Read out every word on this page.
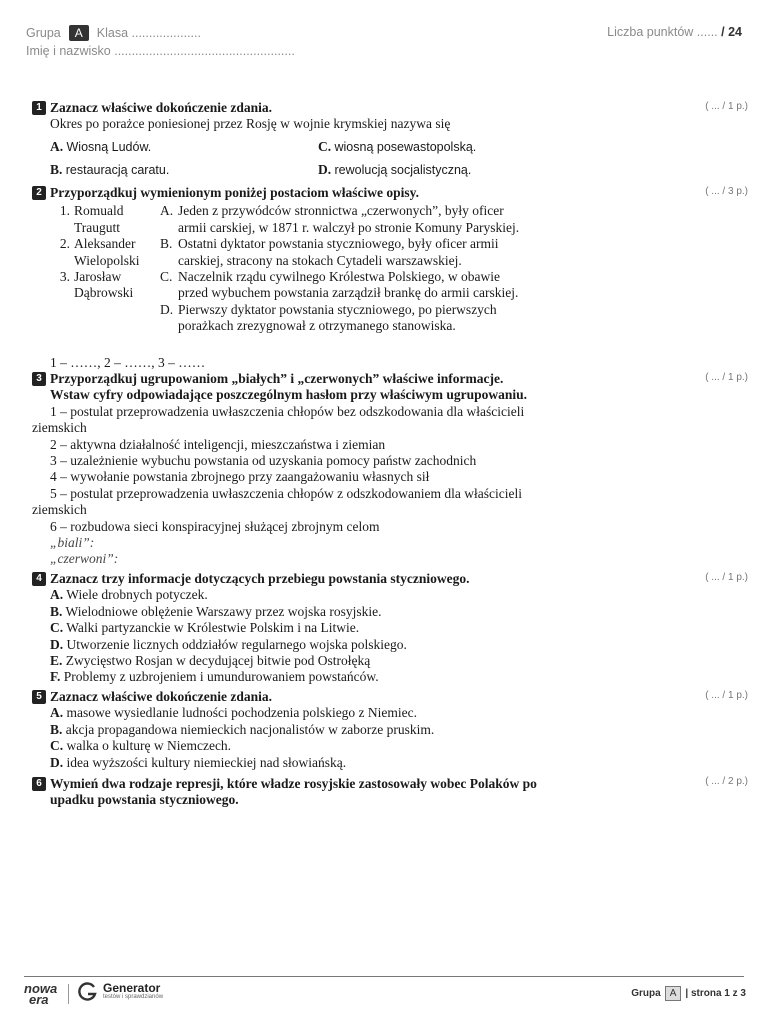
Grupa	A	Klasa ....................
Imię i nazwisko ....................................................
Liczba punktów ...... / 24
1 Zaznacz właściwe dokończenie zdania.
Okres po porażce poniesionej przez Rosję w wojnie krymskiej nazywa się
A. Wiosną Ludów.	C. wiosną posewastopolską.
B. restauracją caratu.	D. rewolucją socjalistyczną.
( ... / 1 p.)
2 Przyporządkuj wymienionym poniżej postaciom właściwe opisy.
1. Romuald
Traugutt
2. Aleksander
Wielopolski
3. Jarosław
Dąbrowski
A. Jeden z przywódców stronnictwa „czerwonych”, były oficer
armii carskiej, w 1871 r. walczył po stronie Komuny Paryskiej.
B. Ostatni dyktator powstania styczniowego, były oficer armii
carskiej, stracony na stokach Cytadeli warszawskiej.
C. Naczelnik rządu cywilnego Królestwa Polskiego, w obawie
przed wybuchem powstania zarządził brankę do armii carskiej.
D. Pierwszy dyktator powstania styczniowego, po pierwszych
porażkach zrezygnował z otrzymanego stanowiska.
1 – ……, 2 – ……, 3 – ……
( ... / 3 p.)
3 Przyporządkuj ugrupowaniom „białych” i „czerwonych” właściwe informacje.
Wstaw cyfry odpowiadające poszczególnym hasłom przy właściwym ugrupowaniu.
1 – postulat przeprowadzenia uwłaszczenia chłopów bez odszkodowania dla właścicieli
ziemskich
2 – aktywna działalność inteligencji, mieszczaństwa i ziemian
3 – uzależnienie wybuchu powstania od uzyskania pomocy państw zachodnich
4 – wywołanie powstania zbrojnego przy zaangażowaniu własnych sił
5 – postulat przeprowadzenia uwłaszczenia chłopów z odszkodowaniem dla właścicieli
ziemskich
6 – rozbudowa sieci konspiracyjnej służącej zbrojnym celom
„biali”:
„czerwoni”:
( ... / 1 p.)
4 Zaznacz trzy informacje dotyczących przebiegu powstania styczniowego.
A. Wiele drobnych potyczek.
B. Wielodniowe oblężenie Warszawy przez wojska rosyjskie.
C. Walki partyzanckie w Królestwie Polskim i na Litwie.
D. Utworzenie licznych oddziałów regularnego wojska polskiego.
E. Zwycięstwo Rosjan w decydującej bitwie pod Ostrołęką
F. Problemy z uzbrojeniem i umundurowaniem powstańców.
( ... / 1 p.)
5 Zaznacz właściwe dokończenie zdania.
A. masowe wysiedlanie ludności pochodzenia polskiego z Niemiec.
B. akcja propagandowa niemieckich nacjonalistów w zaborze pruskim.
C. walka o kulturę w Niemczech.
D. idea wyższości kultury niemieckiej nad słowiańską.
( ... / 1 p.)
6 Wymień dwa rodzaje represji, które władze rosyjskie zastosowały wobec Polaków po
upadku powstania styczniowego.
( ... / 2 p.)
nowa
era
Generator
testów i sprawdzianów	Grupa A | strona 1 z 3
